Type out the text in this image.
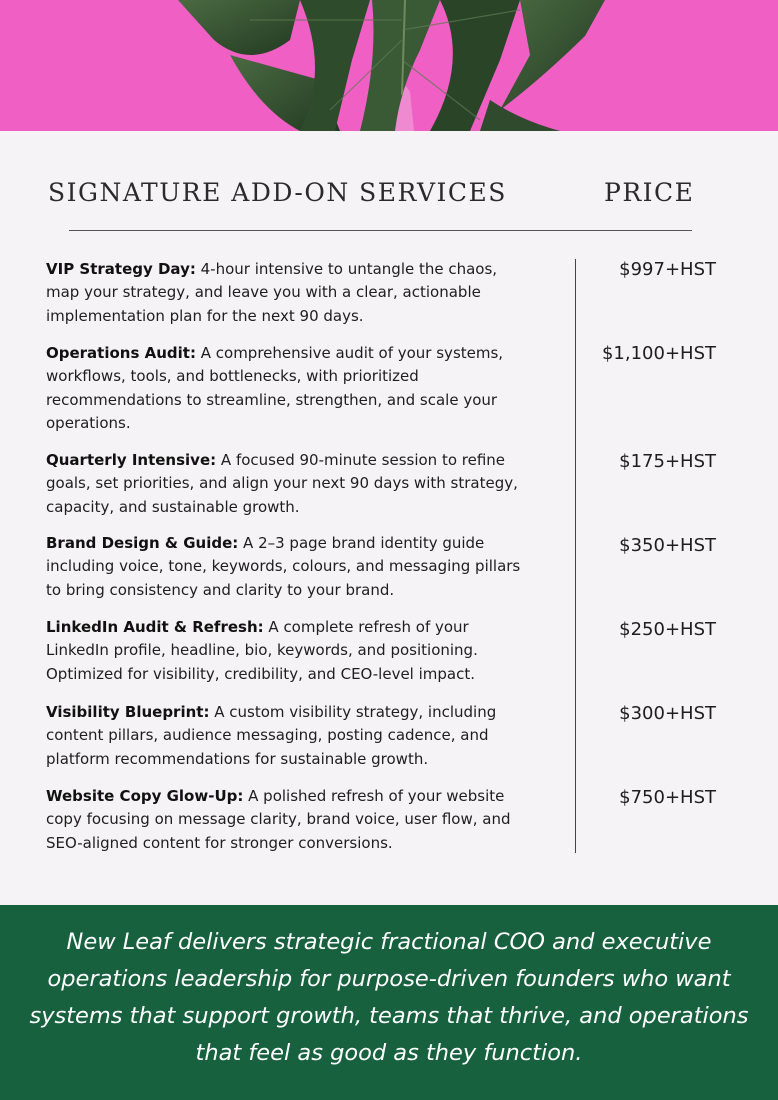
SIGNATURE ADD-ON SERVICES	PRICE
VIP Strategy Day: 4-hour intensive to untangle the chaos, map your strategy, and leave you with a clear, actionable implementation plan for the next 90 days.
$997+HST
Operations Audit: A comprehensive audit of your systems, workflows, tools, and bottlenecks, with prioritized recommendations to streamline, strengthen, and scale your operations.
$1,100+HST
Quarterly Intensive: A focused 90-minute session to refine goals, set priorities, and align your next 90 days with strategy, capacity, and sustainable growth.
$175+HST
Brand Design & Guide: A 2–3 page brand identity guide including voice, tone, keywords, colours, and messaging pillars to bring consistency and clarity to your brand.
$350+HST
LinkedIn Audit & Refresh: A complete refresh of your LinkedIn profile, headline, bio, keywords, and positioning. Optimized for visibility, credibility, and CEO-level impact.
$250+HST
Visibility Blueprint: A custom visibility strategy, including content pillars, audience messaging, posting cadence, and platform recommendations for sustainable growth.
$300+HST
Website Copy Glow-Up: A polished refresh of your website copy focusing on message clarity, brand voice, user flow, and SEO-aligned content for stronger conversions.
$750+HST
New Leaf delivers strategic fractional COO and executive operations leadership for purpose-driven founders who want systems that support growth, teams that thrive, and operations that feel as good as they function.
